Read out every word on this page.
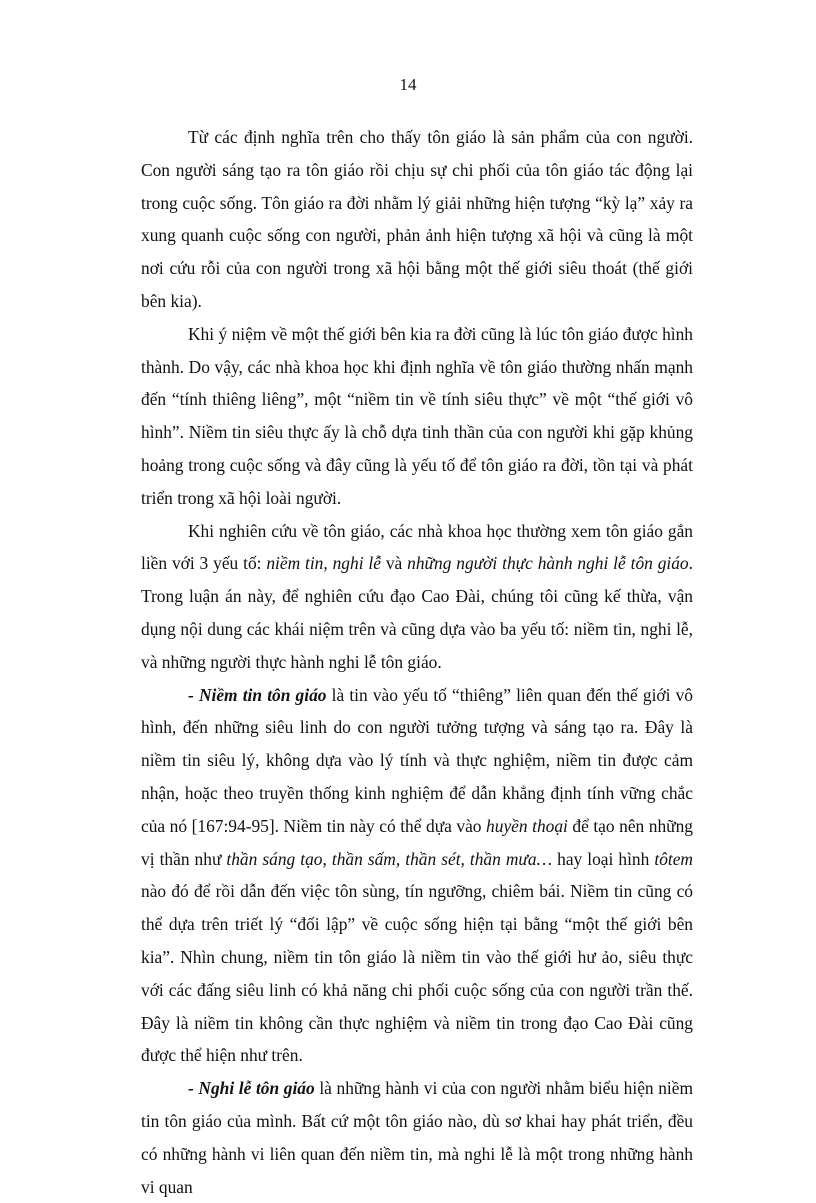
14

Từ các định nghĩa trên cho thấy tôn giáo là sản phẩm của con người. Con người sáng tạo ra tôn giáo rồi chịu sự chi phối của tôn giáo tác động lại trong cuộc sống. Tôn giáo ra đời nhằm lý giải những hiện tượng “kỳ lạ” xảy ra xung quanh cuộc sống con người, phản ảnh hiện tượng xã hội và cũng là một nơi cứu rỗi của con người trong xã hội bằng một thế giới siêu thoát (thế giới bên kia).

Khi ý niệm về một thế giới bên kia ra đời cũng là lúc tôn giáo được hình thành. Do vậy, các nhà khoa học khi định nghĩa về tôn giáo thường nhấn mạnh đến “tính thiêng liêng”, một “niềm tin về tính siêu thực” về một “thế giới vô hình”. Niềm tin siêu thực ấy là chỗ dựa tinh thần của con người khi gặp khủng hoảng trong cuộc sống và đây cũng là yếu tố để tôn giáo ra đời, tồn tại và phát triển trong xã hội loài người.

Khi nghiên cứu về tôn giáo, các nhà khoa học thường xem tôn giáo gắn liền với 3 yếu tố: niềm tin, nghi lễ và những người thực hành nghi lễ tôn giáo. Trong luận án này, để nghiên cứu đạo Cao Đài, chúng tôi cũng kế thừa, vận dụng nội dung các khái niệm trên và cũng dựa vào ba yếu tố: niềm tin, nghi lễ, và những người thực hành nghi lễ tôn giáo.

- Niềm tin tôn giáo là tin vào yếu tố “thiêng” liên quan đến thế giới vô hình, đến những siêu linh do con người tưởng tượng và sáng tạo ra. Đây là niềm tin siêu lý, không dựa vào lý tính và thực nghiệm, niềm tin được cảm nhận, hoặc theo truyền thống kinh nghiệm để dẫn khẳng định tính vững chắc của nó [167:94-95]. Niềm tin này có thể dựa vào huyền thoại để tạo nên những vị thần như thần sáng tạo, thần sấm, thần sét, thần mưa… hay loại hình tôtem nào đó để rồi dẫn đến việc tôn sùng, tín ngưỡng, chiêm bái. Niềm tin cũng có thể dựa trên triết lý “đối lập” về cuộc sống hiện tại bằng “một thế giới bên kia”. Nhìn chung, niềm tin tôn giáo là niềm tin vào thế giới hư ảo, siêu thực với các đấng siêu linh có khả năng chi phối cuộc sống của con người trần thế. Đây là niềm tin không cần thực nghiệm và niềm tin trong đạo Cao Đài cũng được thể hiện như trên.

- Nghi lễ tôn giáo là những hành vi của con người nhằm biểu hiện niềm tin tôn giáo của mình. Bất cứ một tôn giáo nào, dù sơ khai hay phát triển, đều có những hành vi liên quan đến niềm tin, mà nghi lễ là một trong những hành vi quan
